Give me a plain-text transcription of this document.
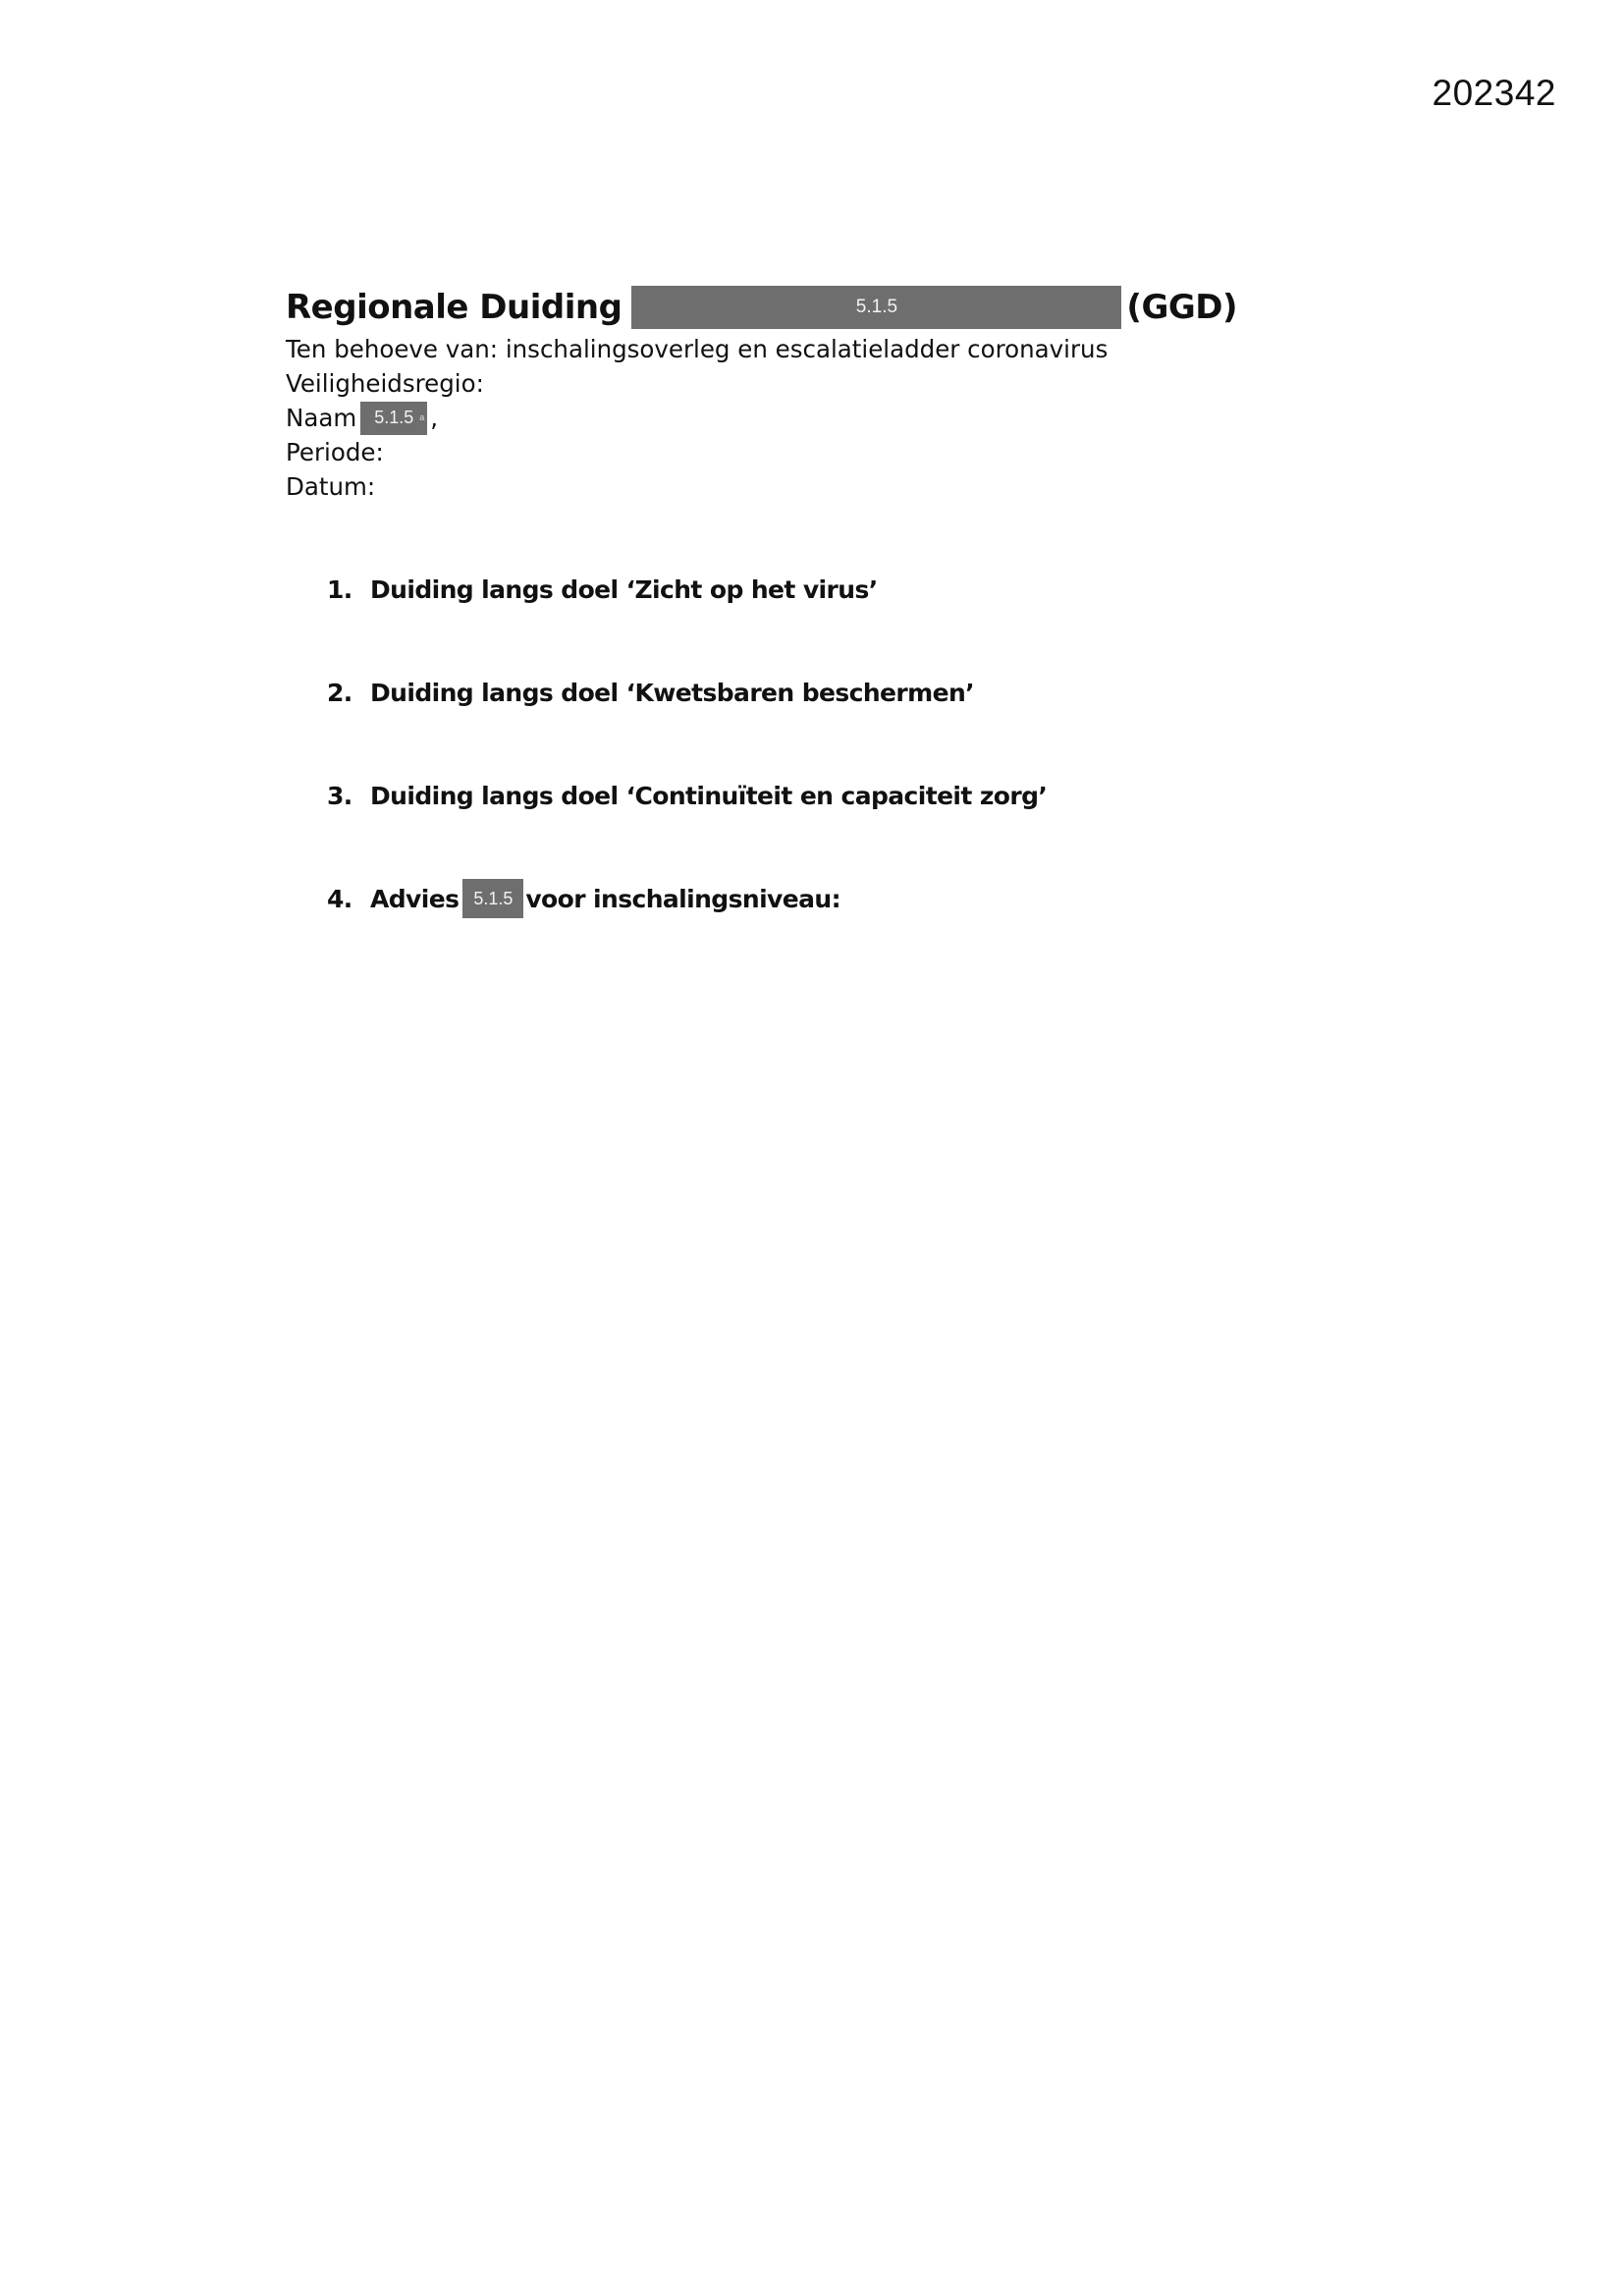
202342
Regionale Duiding	5.1.5	(GGD)
Ten behoeve van: inschalingsoverleg en escalatieladder coronavirus
Veiligheidsregio:
Naam 5.1.5 a ,
Periode:
Datum:
1. Duiding langs doel ‘Zicht op het virus’
2. Duiding langs doel ‘Kwetsbaren beschermen’
3. Duiding langs doel ‘Continuïteit en capaciteit zorg’
4. Advies 5.1.5 voor inschalingsniveau:
